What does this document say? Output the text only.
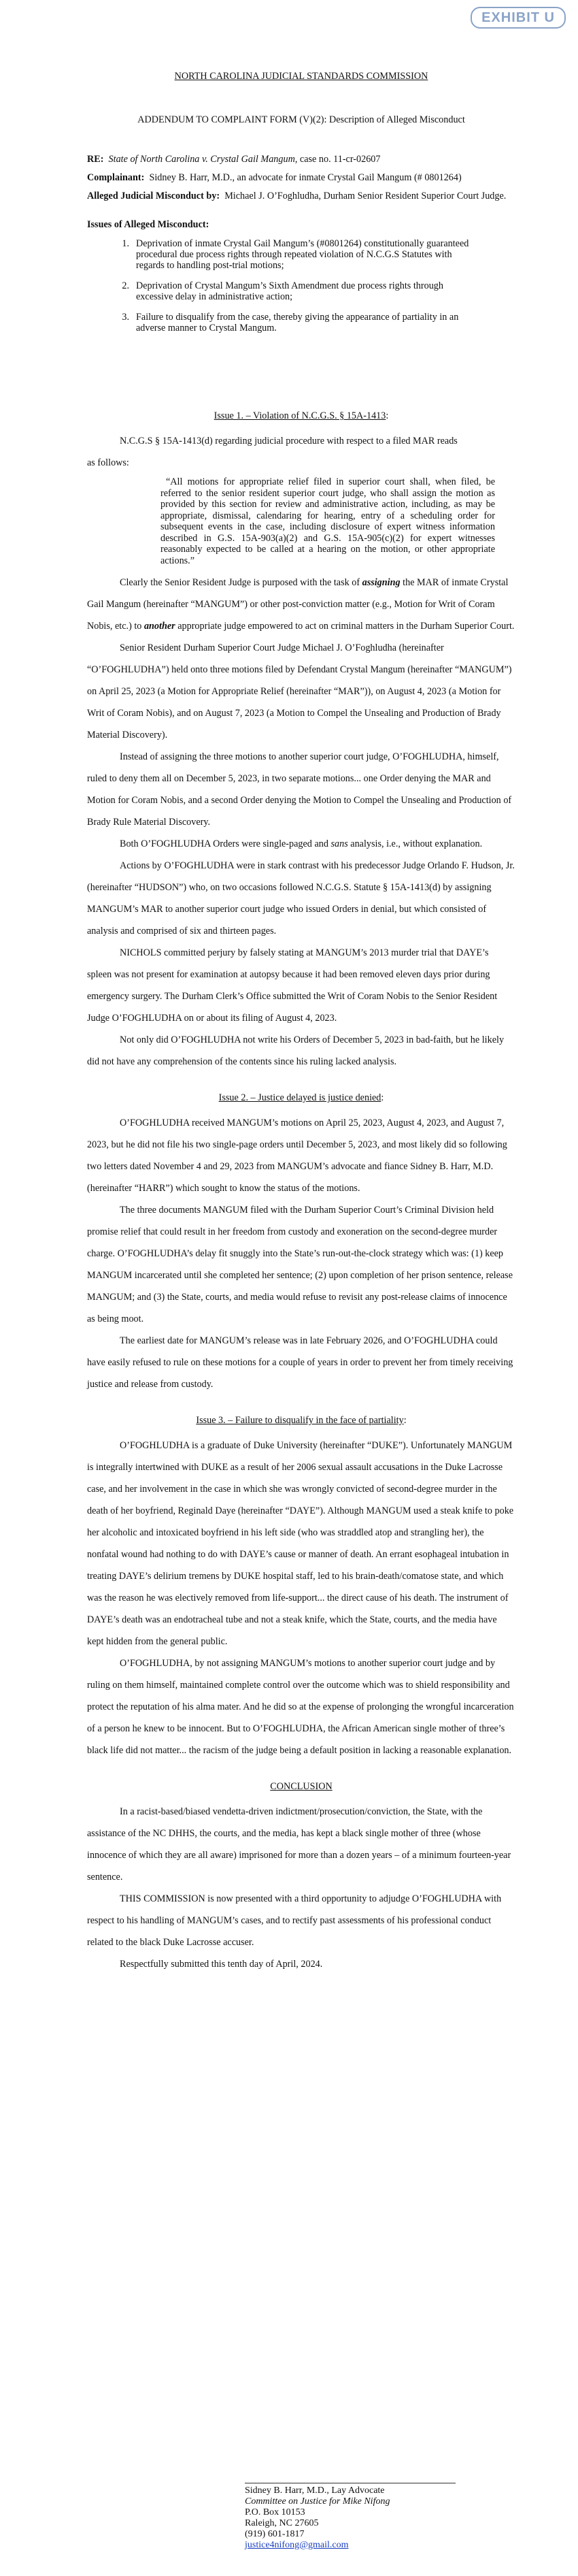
EXHIBIT U
NORTH CAROLINA JUDICIAL STANDARDS COMMISSION
ADDENDUM TO COMPLAINT FORM (V)(2): Description of Alleged Misconduct
RE: State of North Carolina v. Crystal Gail Mangum, case no. 11-cr-02607
Complainant: Sidney B. Harr, M.D., an advocate for inmate Crystal Gail Mangum (# 0801264)
Alleged Judicial Misconduct by: Michael J. O’Foghludha, Durham Senior Resident Superior Court Judge.
Issues of Alleged Misconduct:
1. Deprivation of inmate Crystal Gail Mangum’s (#0801264) constitutionally guaranteed procedural due process rights through repeated violation of N.C.G.S Statutes with regards to handling post-trial motions;
2. Deprivation of Crystal Mangum’s Sixth Amendment due process rights through excessive delay in administrative action;
3. Failure to disqualify from the case, thereby giving the appearance of partiality in an adverse manner to Crystal Mangum.
Issue 1. – Violation of N.C.G.S. § 15A-1413:

N.C.G.S § 15A-1413(d) regarding judicial procedure with respect to a filed MAR reads

as follows:

“All motions for appropriate relief filed in superior court shall, when filed, be referred to the senior resident superior court judge, who shall assign the motion as provided by this section for review and administrative action, including, as may be appropriate, dismissal, calendaring for hearing, entry of a scheduling order for subsequent events in the case, including disclosure of expert witness information described in G.S. 15A-903(a)(2) and G.S. 15A-905(c)(2) for expert witnesses reasonably expected to be called at a hearing on the motion, or other appropriate actions.”

Clearly the Senior Resident Judge is purposed with the task of assigning the MAR of inmate Crystal Gail Mangum (hereinafter “MANGUM”) or other post-conviction matter (e.g., Motion for Writ of Coram Nobis, etc.) to another appropriate judge empowered to act on criminal matters in the Durham Superior Court.

Senior Resident Durham Superior Court Judge Michael J. O’Foghludha (hereinafter “O’FOGHLUDHA”) held onto three motions filed by Defendant Crystal Mangum (hereinafter “MANGUM”) on April 25, 2023 (a Motion for Appropriate Relief (hereinafter “MAR”)), on August 4, 2023 (a Motion for Writ of Coram Nobis), and on August 7, 2023 (a Motion to Compel the Unsealing and Production of Brady Material Discovery).

Instead of assigning the three motions to another superior court judge, O’FOGHLUDHA, himself, ruled to deny them all on December 5, 2023, in two separate motions... one Order denying the MAR and Motion for Coram Nobis, and a second Order denying the Motion to Compel the Unsealing and Production of Brady Rule Material Discovery.

Both O’FOGHLUDHA Orders were single-paged and sans analysis, i.e., without explanation.

Actions by O’FOGHLUDHA were in stark contrast with his predecessor Judge Orlando F. Hudson, Jr. (hereinafter “HUDSON”) who, on two occasions followed N.C.G.S. Statute § 15A-1413(d) by assigning MANGUM’s MAR to another superior court judge who issued Orders in denial, but which consisted of analysis and comprised of six and thirteen pages.

NICHOLS committed perjury by falsely stating at MANGUM’s 2013 murder trial that DAYE’s spleen was not present for examination at autopsy because it had been removed eleven days prior during emergency surgery. The Durham Clerk’s Office submitted the Writ of Coram Nobis to the Senior Resident Judge O’FOGHLUDHA on or about its filing of August 4, 2023.

Not only did O’FOGHLUDHA not write his Orders of December 5, 2023 in bad-faith, but he likely did not have any comprehension of the contents since his ruling lacked analysis.

Issue 2. – Justice delayed is justice denied:

O’FOGHLUDHA received MANGUM’s motions on April 25, 2023, August 4, 2023, and August 7, 2023, but he did not file his two single-page orders until December 5, 2023, and most likely did so following two letters dated November 4 and 29, 2023 from MANGUM’s advocate and fiance Sidney B. Harr, M.D. (hereinafter “HARR”) which sought to know the status of the motions.

The three documents MANGUM filed with the Durham Superior Court’s Criminal Division held promise relief that could result in her freedom from custody and exoneration on the second-degree murder charge. O’FOGHLUDHA’s delay fit snuggly into the State’s run-out-the-clock strategy which was: (1) keep MANGUM incarcerated until she completed her sentence; (2) upon completion of her prison sentence, release MANGUM; and (3) the State, courts, and media would refuse to revisit any post-release claims of innocence as being moot.

The earliest date for MANGUM’s release was in late February 2026, and O’FOGHLUDHA could have easily refused to rule on these motions for a couple of years in order to prevent her from timely receiving justice and release from custody.

Issue 3. – Failure to disqualify in the face of partiality:

O’FOGHLUDHA is a graduate of Duke University (hereinafter “DUKE”). Unfortunately MANGUM is integrally intertwined with DUKE as a result of her 2006 sexual assault accusations in the Duke Lacrosse case, and her involvement in the case in which she was wrongly convicted of second-degree murder in the death of her boyfriend, Reginald Daye (hereinafter “DAYE”). Although MANGUM used a steak knife to poke her alcoholic and intoxicated boyfriend in his left side (who was straddled atop and strangling her), the nonfatal wound had nothing to do with DAYE’s cause or manner of death. An errant esophageal intubation in treating DAYE’s delirium tremens by DUKE hospital staff, led to his brain-death/comatose state, and which was the reason he was electively removed from life-support... the direct cause of his death. The instrument of DAYE’s death was an endotracheal tube and not a steak knife, which the State, courts, and the media have kept hidden from the general public.

O’FOGHLUDHA, by not assigning MANGUM’s motions to another superior court judge and by ruling on them himself, maintained complete control over the outcome which was to shield responsibility and protect the reputation of his alma mater. And he did so at the expense of prolonging the wrongful incarceration of a person he knew to be innocent. But to O’FOGHLUDHA, the African American single mother of three’s black life did not matter... the racism of the judge being a default position in lacking a reasonable explanation.

CONCLUSION

In a racist-based/biased vendetta-driven indictment/prosecution/conviction, the State, with the assistance of the NC DHHS, the courts, and the media, has kept a black single mother of three (whose innocence of which they are all aware) imprisoned for more than a dozen years – of a minimum fourteen-year sentence.

THIS COMMISSION is now presented with a third opportunity to adjudge O’FOGHLUDHA with respect to his handling of MANGUM’s cases, and to rectify past assessments of his professional conduct related to the black Duke Lacrosse accuser.

Respectfully submitted this tenth day of April, 2024.

Sidney B. Harr, M.D., Lay Advocate
Committee on Justice for Mike Nifong
P.O. Box 10153
Raleigh, NC 27605
(919) 601-1817
justice4nifong@gmail.com
